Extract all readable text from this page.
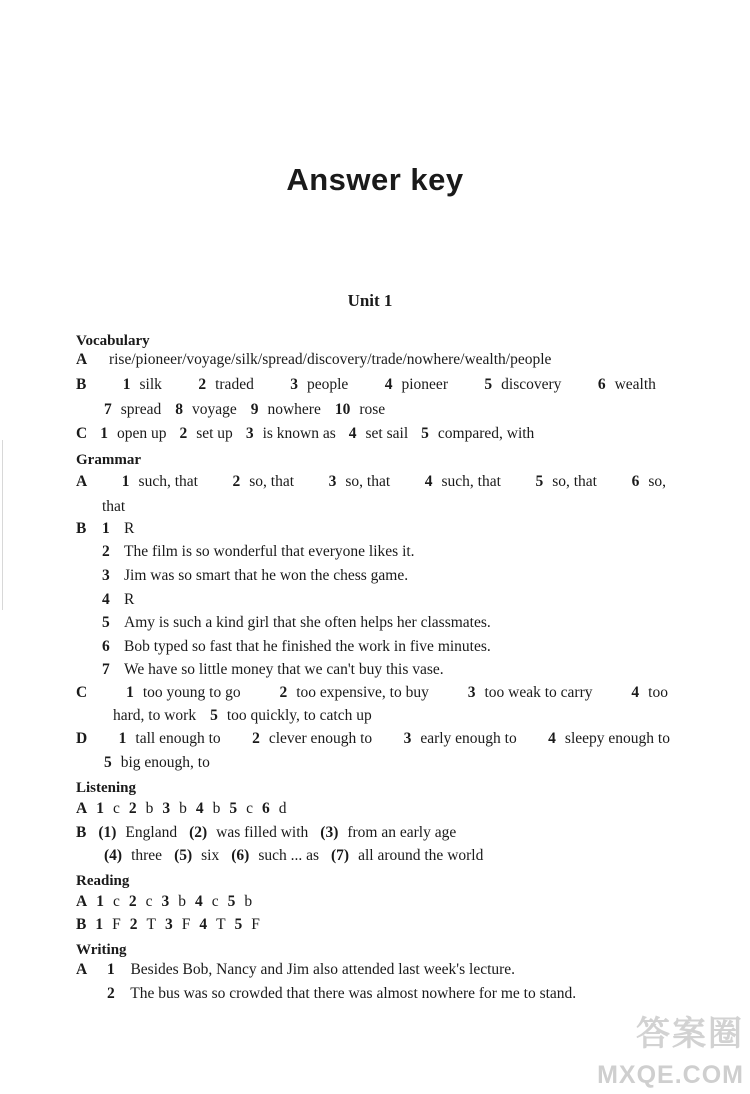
Answer key
Unit 1
Vocabulary
A rise/pioneer/voyage/silk/spread/discovery/trade/nowhere/wealth/people
B 1 silk 2 traded 3 people 4 pioneer 5 discovery 6 wealth
7 spread 8 voyage 9 nowhere 10 rose
C 1 open up 2 set up 3 is known as 4 set sail 5 compared, with
Grammar
A 1 such, that 2 so, that 3 so, that 4 such, that 5 so, that 6 so,
that
B 1 R
2 The film is so wonderful that everyone likes it.
3 Jim was so smart that he won the chess game.
4 R
5 Amy is such a kind girl that she often helps her classmates.
6 Bob typed so fast that he finished the work in five minutes.
7 We have so little money that we can't buy this vase.
C	1 too young to go	2 too expensive, to buy	3 too weak to carry	4 too
hard, to work 5 too quickly, to catch up
D 1 tall enough to 2 clever enough to 3 early enough to 4 sleepy enough to
5 big enough, to
Listening
A 1 c 2 b 3 b 4 b 5 c 6 d
B (1) England (2) was filled with (3) from an early age
(4) three (5) six (6) such ... as (7) all around the world
Reading
A 1 c 2 c 3 b 4 c 5 b
B 1 F 2 T 3 F 4 T 5 F
Writing
A 1 Besides Bob, Nancy and Jim also attended last week's lecture.
2 The bus was so crowded that there was almost nowhere for me to stand.
答案圈
MXQE.COM
